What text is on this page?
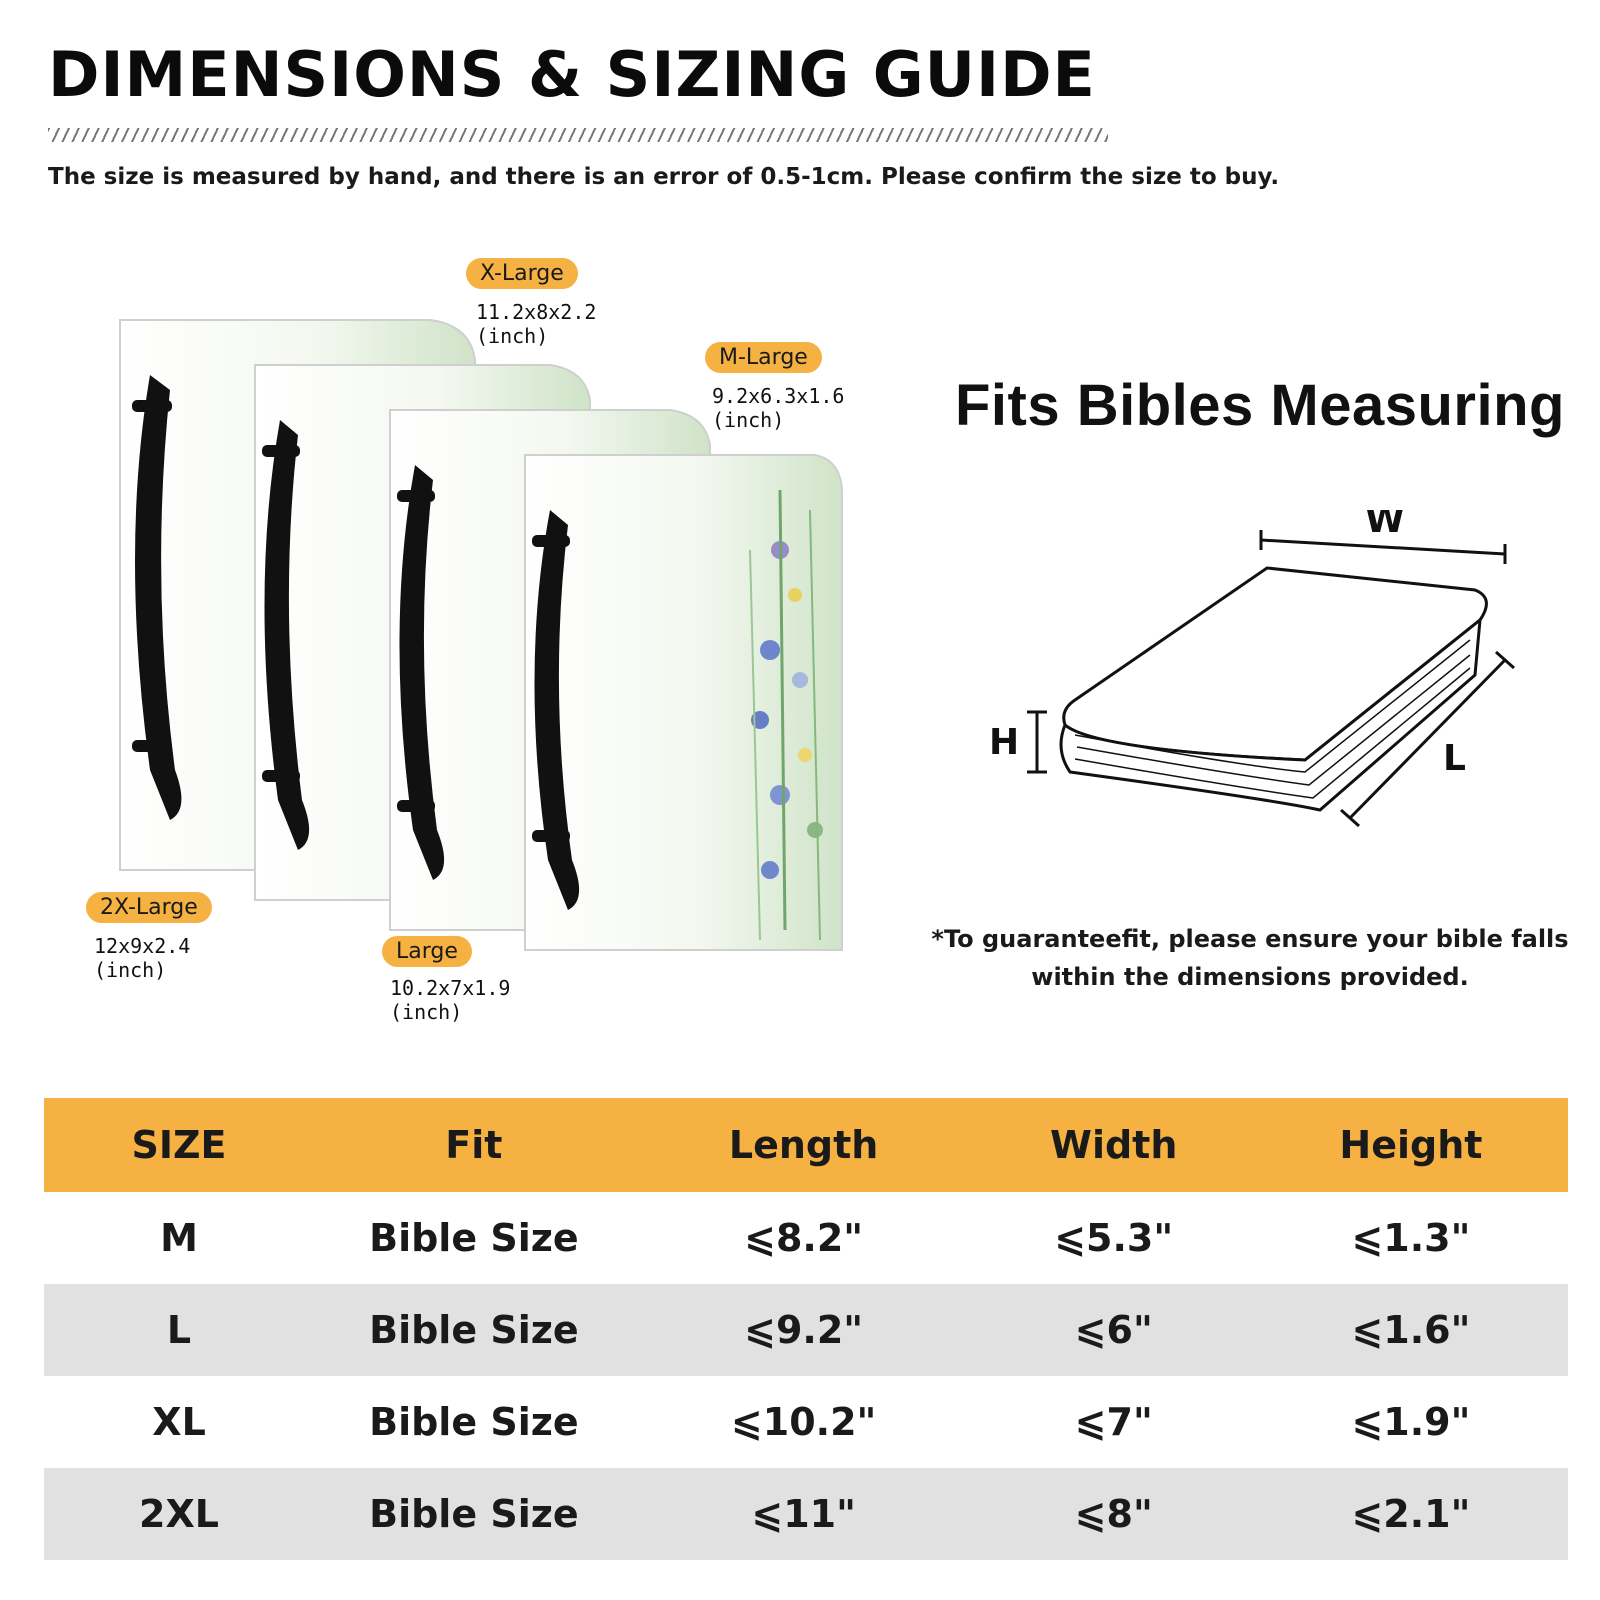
DIMENSIONS & SIZING GUIDE

The size is measured by hand, and there is an error of 0.5-1cm. Please confirm the size to buy.

X-Large
11.2x8x2.2
(inch)
M-Large
9.2x6.3x1.6
(inch)
2X-Large
12x9x2.4
(inch)
Large
10.2x7x1.9
(inch)
Fits Bibles Measuring
W
H	L

*To guaranteefit, please ensure your bible falls
within the dimensions provided.

SIZE	Fit	Length	Width	Height
M	Bible Size	⩽8.2"	⩽5.3"	⩽1.3"
L	Bible Size	⩽9.2"	⩽6"	⩽1.6"
XL	Bible Size	⩽10.2"	⩽7"	⩽1.9"
2XL	Bible Size	⩽11"	⩽8"	⩽2.1"
